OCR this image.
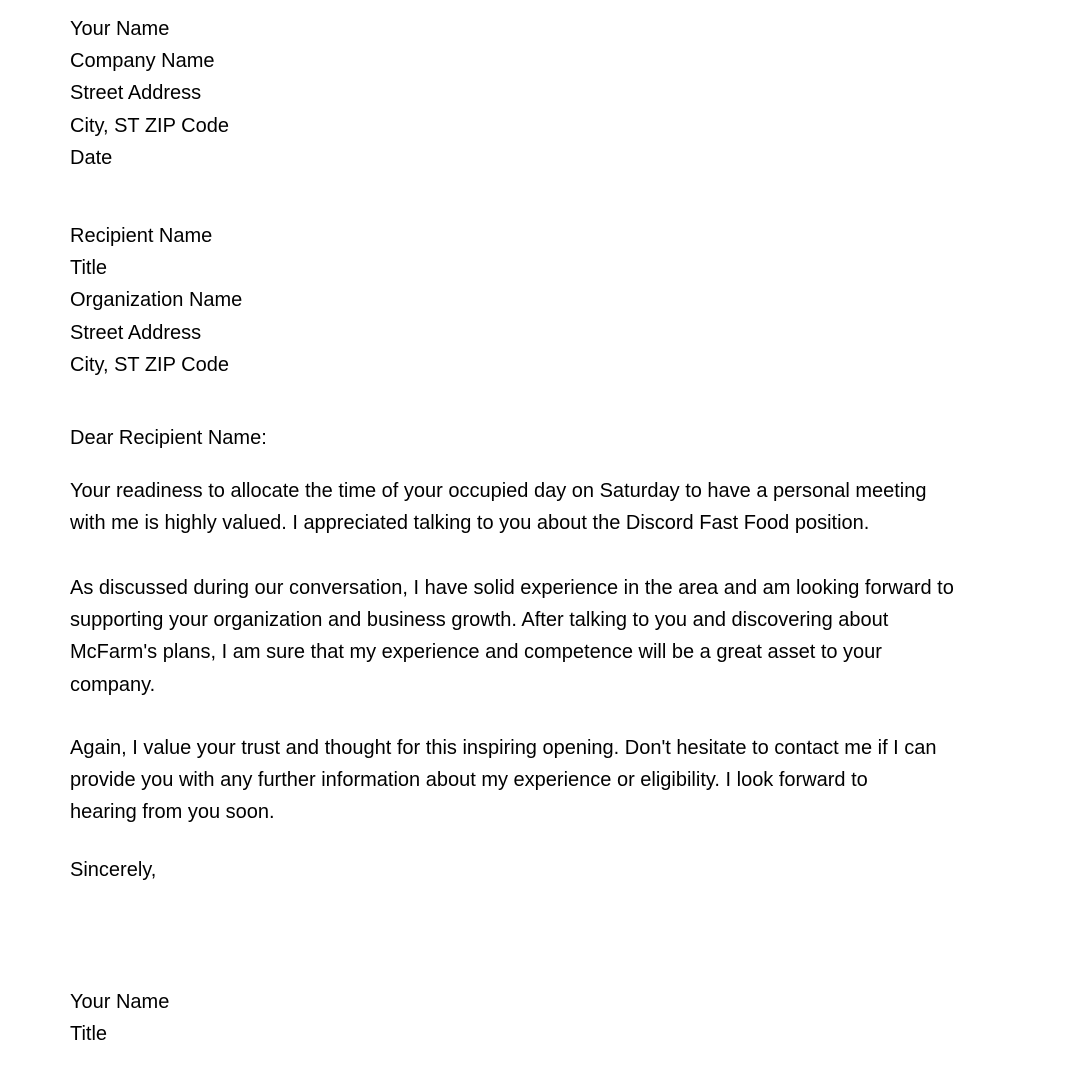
Your Name
Company Name
Street Address
City, ST ZIP Code
Date
Recipient Name
Title
Organization Name
Street Address
City, ST ZIP Code

Dear Recipient Name:

Your readiness to allocate the time of your occupied day on Saturday to have a personal meeting
with me is highly valued. I appreciated talking to you about the Discord Fast Food position.

As discussed during our conversation, I have solid experience in the area and am looking forward to
supporting your organization and business growth. After talking to you and discovering about
McFarm's plans, I am sure that my experience and competence will be a great asset to your
company.

Again, I value your trust and thought for this inspiring opening. Don't hesitate to contact me if I can
provide you with any further information about my experience or eligibility. I look forward to
hearing from you soon.

Sincerely,

Your Name
Title
